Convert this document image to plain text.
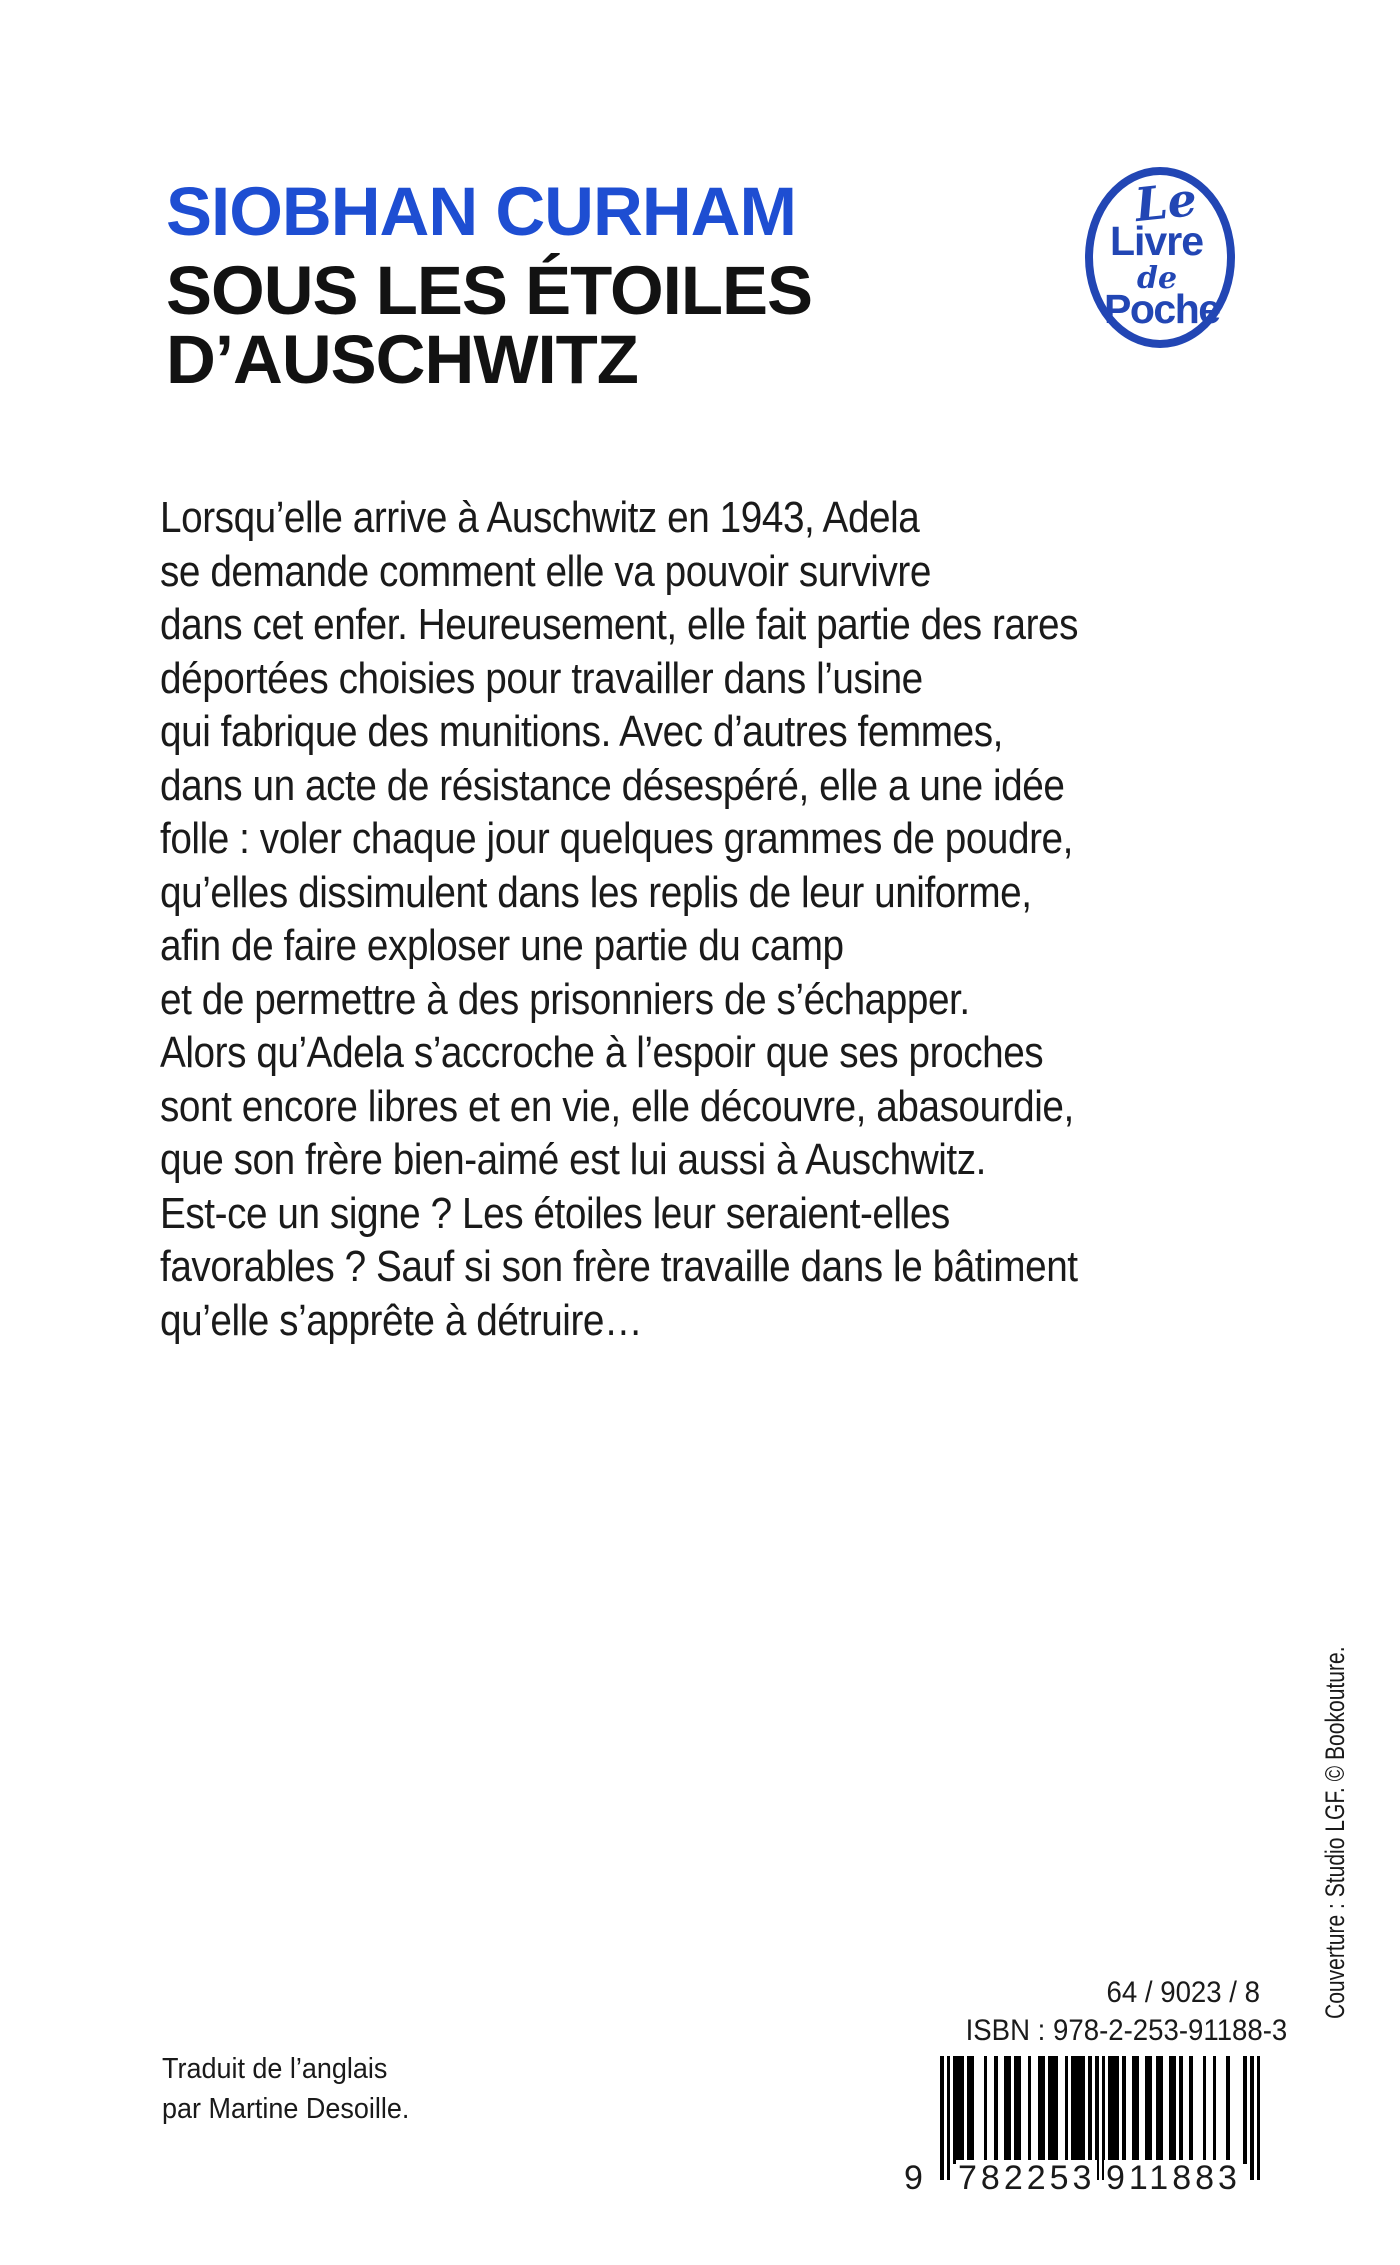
SIOBHAN CURHAM
SOUS LES ÉTOILES
D’AUSCHWITZ
Le
Livre
de
Poche
Lorsqu’elle arrive à Auschwitz en 1943, Adela
se demande comment elle va pouvoir survivre
dans cet enfer. Heureusement, elle fait partie des rares
déportées choisies pour travailler dans l’usine
qui fabrique des munitions. Avec d’autres femmes,
dans un acte de résistance désespéré, elle a une idée
folle : voler chaque jour quelques grammes de poudre,
qu’elles dissimulent dans les replis de leur uniforme,
afin de faire exploser une partie du camp
et de permettre à des prisonniers de s’échapper.
Alors qu’Adela s’accroche à l’espoir que ses proches
sont encore libres et en vie, elle découvre, abasourdie,
que son frère bien-aimé est lui aussi à Auschwitz.
Est-ce un signe ? Les étoiles leur seraient-elles
favorables ? Sauf si son frère travaille dans le bâtiment
qu’elle s’apprête à détruire…
Traduit de l’anglais
par Martine Desoille.
64 / 9023 / 8
ISBN : 978-2-253-91188-3
9 782253 911883
Couverture : Studio LGF. © Bookouture.
